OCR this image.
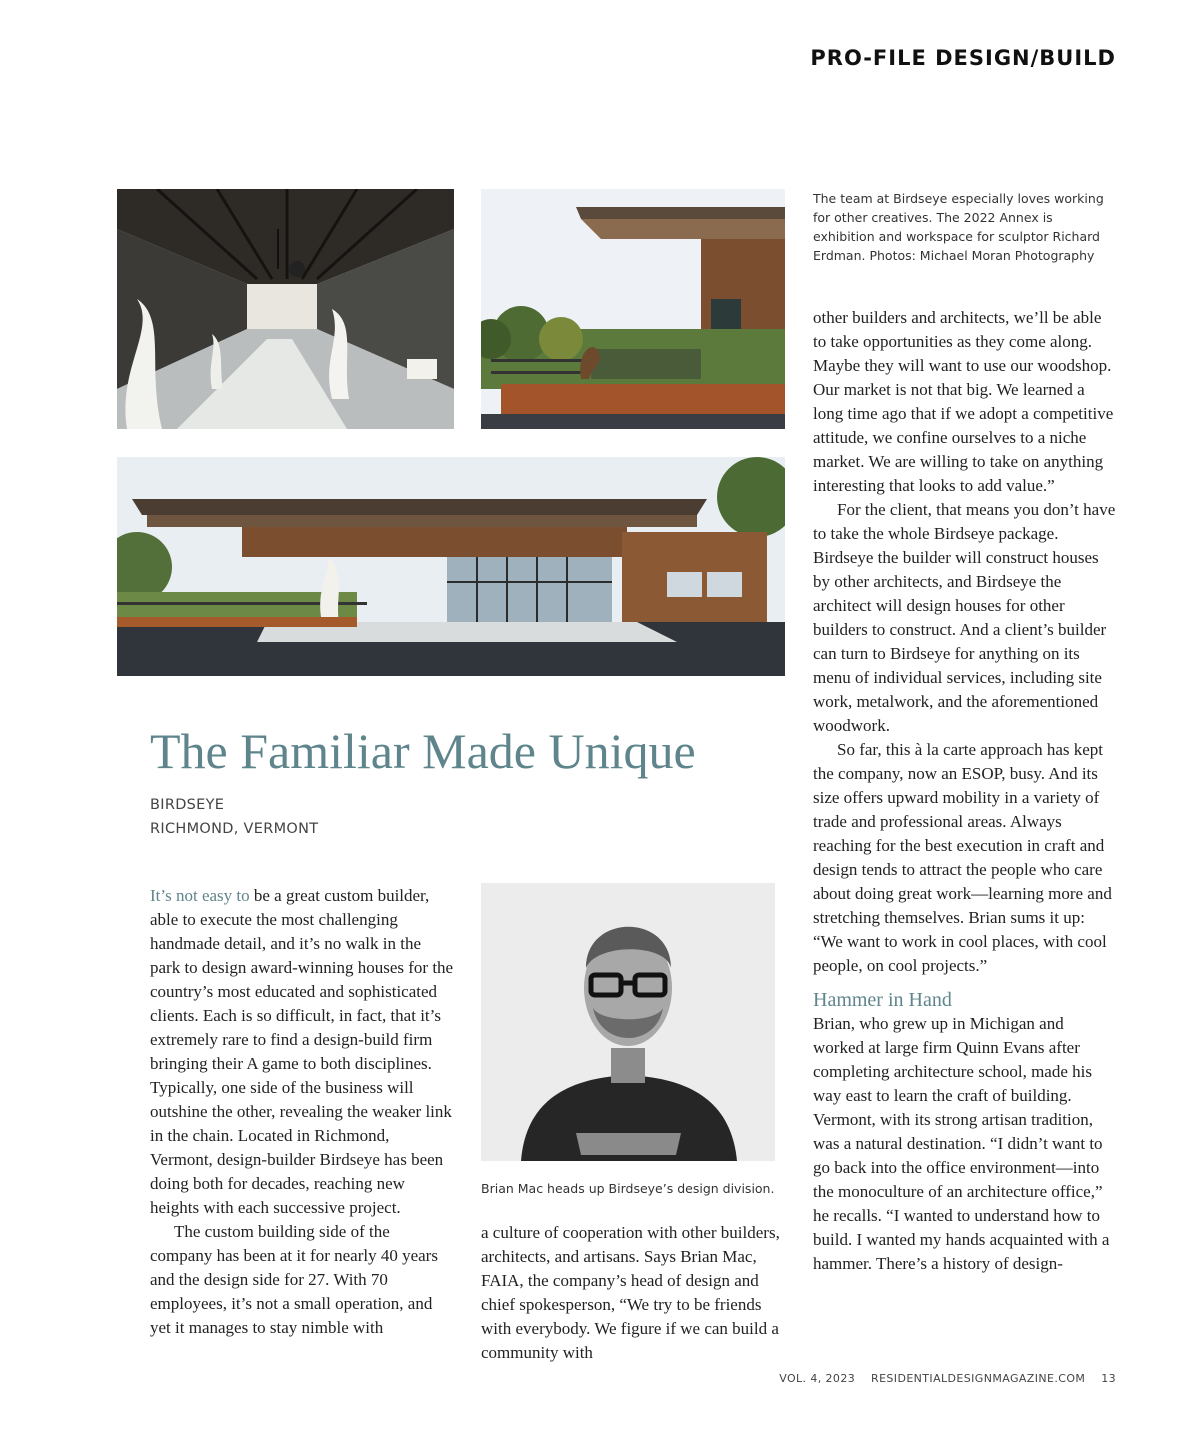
PRO-FILE DESIGN/BUILD
The team at Birdseye especially loves working for other creatives. The 2022 Annex is exhibition and workspace for sculptor Richard Erdman. Photos: Michael Moran Photography
The Familiar Made Unique
BIRDSEYE
RICHMOND, VERMONT

It’s not easy to be a great custom builder, able to execute the most challenging handmade detail, and it’s no walk in the park to design award-winning houses for the country’s most educated and sophisticated clients. Each is so difficult, in fact, that it’s extremely rare to find a design-build firm bringing their A game to both disciplines. Typically, one side of the business will outshine the other, revealing the weaker link in the chain. Located in Richmond, Vermont, design-builder Birdseye has been doing both for decades, reaching new heights with each successive project.

The custom building side of the company has been at it for nearly 40 years and the design side for 27. With 70 employees, it’s not a small operation, and yet it manages to stay nimble with

Brian Mac heads up Birdseye’s design division.

a culture of cooperation with other builders, architects, and artisans. Says Brian Mac, FAIA, the company’s head of design and chief spokesperson, “We try to be friends with everybody. We figure if we can build a community with

other builders and architects, we’ll be able to take opportunities as they come along. Maybe they will want to use our woodshop. Our market is not that big. We learned a long time ago that if we adopt a competitive attitude, we confine ourselves to a niche market. We are willing to take on anything interesting that looks to add value.”

For the client, that means you don’t have to take the whole Birdseye package. Birdseye the builder will construct houses by other architects, and Birdseye the architect will design houses for other builders to construct. And a client’s builder can turn to Birdseye for anything on its menu of individual services, including site work, metalwork, and the aforementioned woodwork.

So far, this à la carte approach has kept the company, now an ESOP, busy. And its size offers upward mobility in a variety of trade and professional areas. Always reaching for the best execution in craft and design tends to attract the people who care about doing great work—learning more and stretching themselves. Brian sums it up: “We want to work in cool places, with cool people, on cool projects.”

Hammer in Hand

Brian, who grew up in Michigan and worked at large firm Quinn Evans after completing architecture school, made his way east to learn the craft of building. Vermont, with its strong artisan tradition, was a natural destination. “I didn’t want to go back into the office environment—into the monoculture of an architecture office,” he recalls. “I wanted to understand how to build. I wanted my hands acquainted with a hammer. There’s a history of design-

VOL. 4, 2023 RESIDENTIALDESIGNMAGAZINE.COM 13
